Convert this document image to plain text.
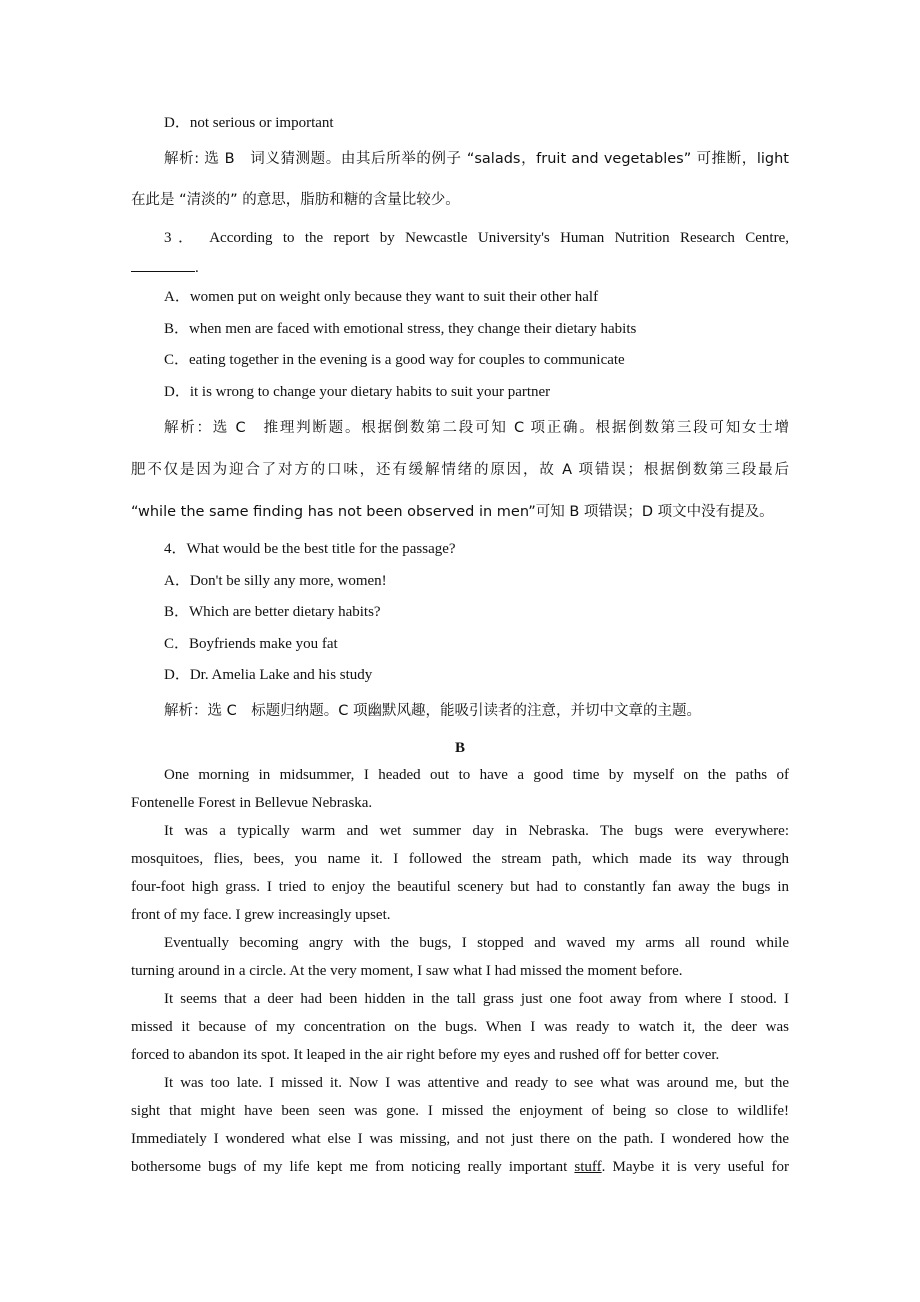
D．not serious or important
解析: 选 B　词义猜测题。由其后所举的例子 “salads，fruit and vegetables” 可推断，light
在此是 “清淡的” 的意思，脂肪和糖的含量比较少。
3． According to the report by Newcastle University's Human Nutrition Research Centre,
.
A．women put on weight only because they want to suit their other half
B．when men are faced with emotional stress, they change their dietary habits
C．eating together in the evening is a good way for couples to communicate
D．it is wrong to change your dietary habits to suit your partner
解析：选 C　推理判断题。根据倒数第二段可知 C 项正确。根据倒数第三段可知女士增
肥不仅是因为迎合了对方的口味，还有缓解情绪的原因，故 A 项错误；根据倒数第三段最后
“while the same finding has not been observed in men”可知 B 项错误；D 项文中没有提及。
4．What would be the best title for the passage?
A．Don't be silly any more, women!
B．Which are better dietary habits?
C．Boyfriends make you fat
D．Dr. Amelia Lake and his study
解析：选 C　标题归纳题。C 项幽默风趣，能吸引读者的注意，并切中文章的主题。
B
One morning in midsummer, I headed out to have a good time by myself on the paths of
Fontenelle Forest in Bellevue Nebraska.
It was a typically warm and wet summer day in Nebraska. The bugs were everywhere:
mosquitoes, flies, bees, you name it. I followed the stream path, which made its way through
four-foot high grass. I tried to enjoy the beautiful scenery but had to constantly fan away the bugs in
front of my face. I grew increasingly upset.
Eventually becoming angry with the bugs, I stopped and waved my arms all round while
turning around in a circle. At the very moment, I saw what I had missed the moment before.
It seems that a deer had been hidden in the tall grass just one foot away from where I stood. I
missed it because of my concentration on the bugs. When I was ready to watch it, the deer was
forced to abandon its spot. It leaped in the air right before my eyes and rushed off for better cover.
It was too late. I missed it. Now I was attentive and ready to see what was around me, but the
sight that might have been seen was gone. I missed the enjoyment of being so close to wildlife!
Immediately I wondered what else I was missing, and not just there on the path. I wondered how the
bothersome bugs of my life kept me from noticing really important stuff. Maybe it is very useful for
